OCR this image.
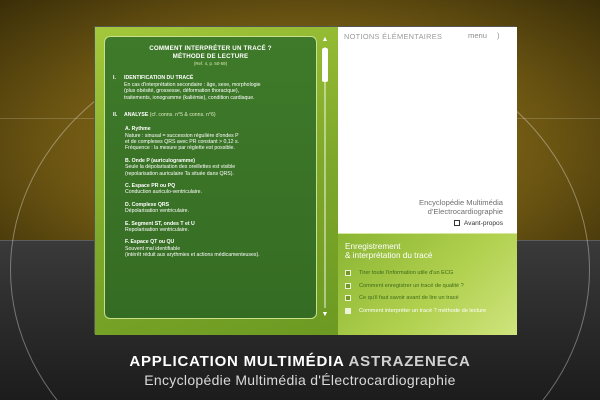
COMMENT INTERPRÉTER UN TRACÉ ?
MÉTHODE DE LECTURE
(Ref. 4, p. 50-59)
I. IDENTIFICATION DU TRACÉ
En cas d'interprétation secondaire : âge, sexe, morphologie
(plus obésité, grossesse, déformation thoracique),
traitements, ionogramme (kaliémie), condition cardiaque.
II. ANALYSE (cf. conns. n°5 & conns. n°6)
A. Rythme
Nature : sinusal = succession régulière d'ondes P
et de complexes QRS avec PR constant > 0,12 s.
Fréquence : la mesure par réglette est possible.
B. Onde P (auriculogramme)
Seule la dépolarisation des oreillettes est visible
(repolarisation auriculaire Ta située dans QRS).
C. Espace PR ou PQ
Conduction auriculo-ventriculaire.
D. Complexe QRS
Dépolarisation ventriculaire.
E. Segment ST, ondes T et U
Repolarisation ventriculaire.
F. Espace QT ou QU
Souvent mal identifiable
(intérêt réduit aux arythmies et actions médicamenteuses).
▲
▼
NOTIONS ÉLÉMENTAIRES	menu )
Encyclopédie Multimédia
d'Electrocardiographie
Avant-propos
Enregistrement
& interprétation du tracé
Tirer toute l'information utile d'un ECG
Comment enregistrer un tracé de qualité ?
Ce qu'il faut savoir avant de lire un tracé
Comment interpréter un tracé ? méthode de lecture
APPLICATION MULTIMÉDIA ASTRAZENECA
Encyclopédie Multimédia d'Électrocardiographie
